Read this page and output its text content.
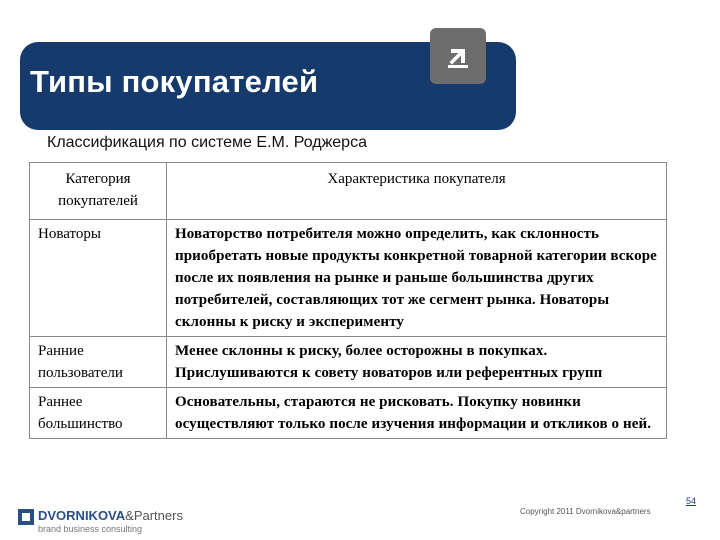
Типы покупателей
Классификация по системе Е.М. Роджерса
Категория покупателей	Характеристика покупателя
Новаторы	Новаторство потребителя можно определить, как склонность приобретать новые продукты конкретной товарной категории вскоре после их появления на рынке и раньше большинства других потребителей, составляющих тот же сегмент рынка. Новаторы склонны к риску и эксперименту
Ранние пользователи	Менее склонны к риску, более осторожны в покупках. Прислушиваются к совету новаторов или референтных групп
Раннее большинство	Основательны, стараются не рисковать. Покупку новинки осуществляют только после изучения информации и откликов о ней.
DVORNIKOVA&Partners
brand business consulting
Copyright 2011 Dvornikova&partners
54
